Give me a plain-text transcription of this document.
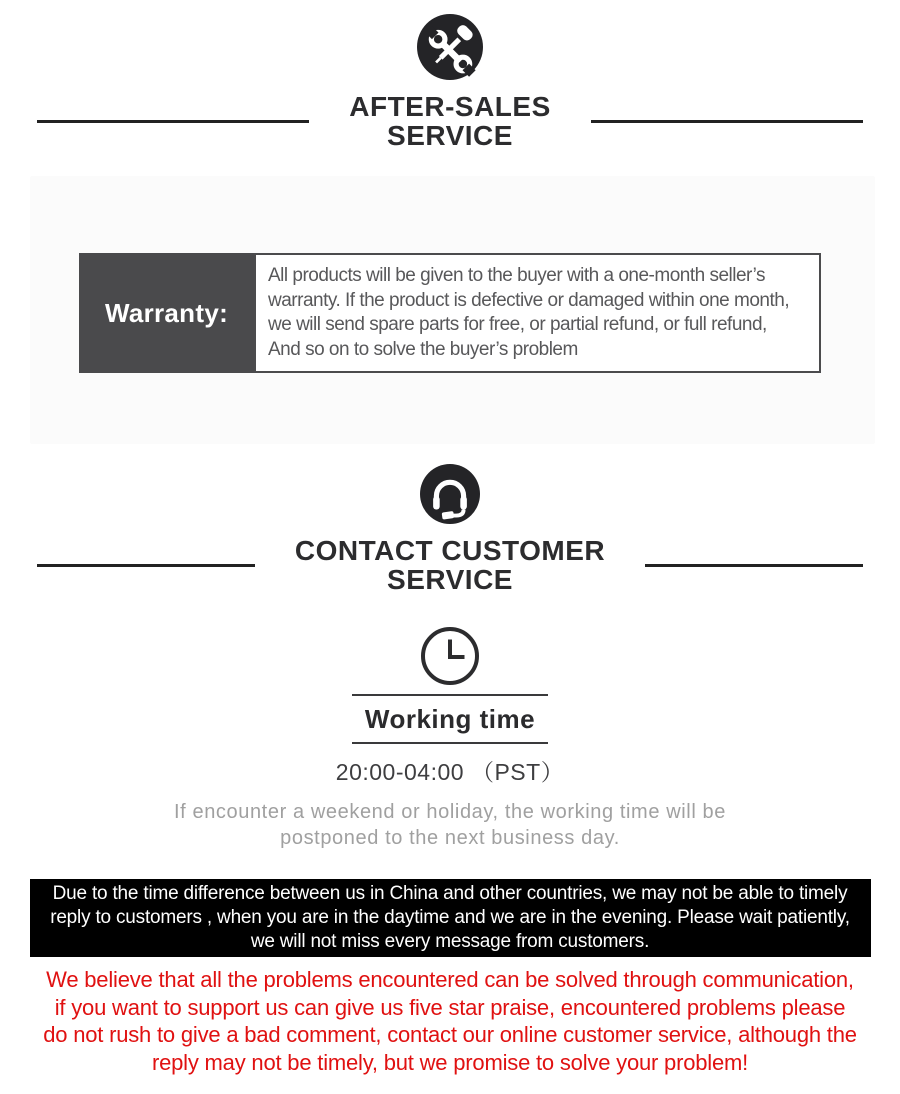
AFTER-SALES
SERVICE
Warranty:
All products will be given to the buyer with a one-month seller’s
warranty. If the product is defective or damaged within one month,
we will send spare parts for free, or partial refund, or full refund,
And so on to solve the buyer’s problem
CONTACT CUSTOMER
SERVICE
Working time
20:00-04:00 （PST）
If encounter a weekend or holiday, the working time will be
postponed to the next business day.
Due to the time difference between us in China and other countries, we may not be able to timely
reply to customers , when you are in the daytime and we are in the evening. Please wait patiently,
we will not miss every message from customers.
We believe that all the problems encountered can be solved through communication,
if you want to support us can give us five star praise, encountered problems please
do not rush to give a bad comment, contact our online customer service, although the
reply may not be timely, but we promise to solve your problem!
